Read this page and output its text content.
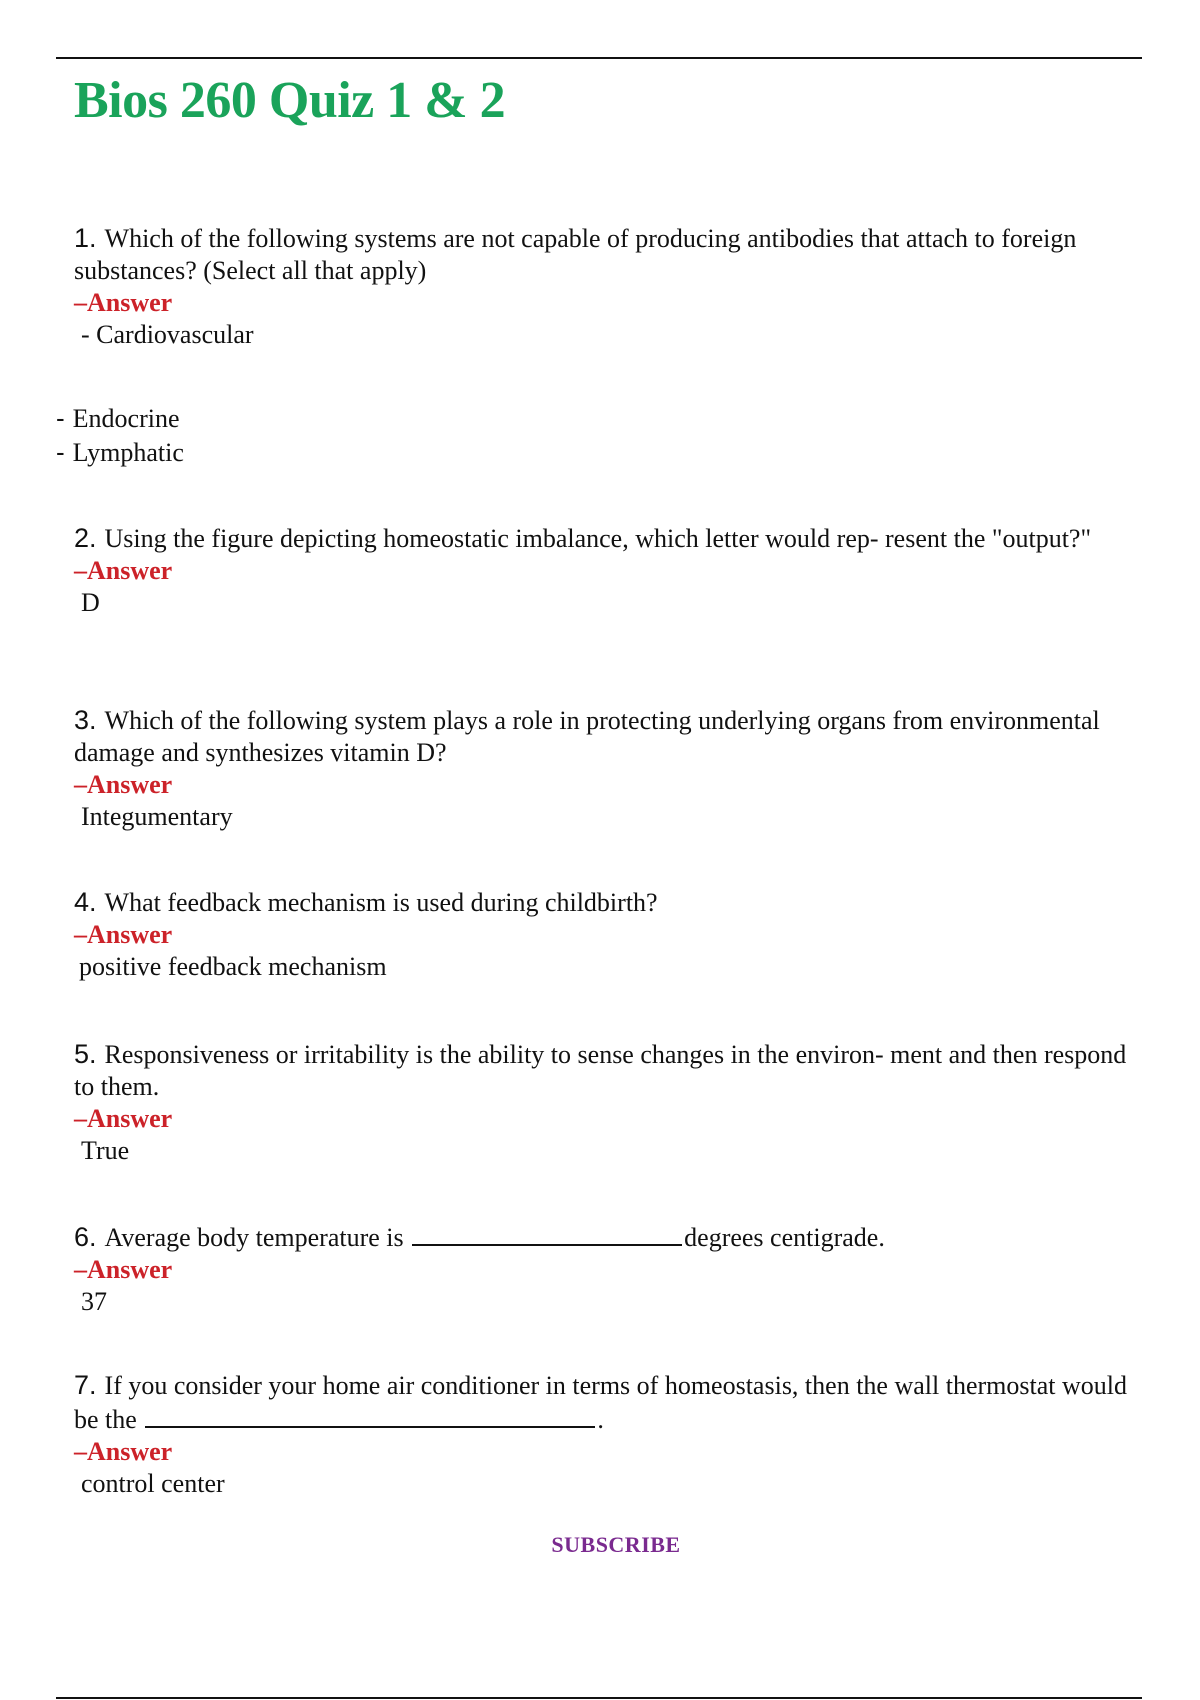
Bios 260 Quiz 1 & 2

1. Which of the following systems are not capable of producing antibodies that attach to foreign substances? (Select all that apply)

–Answer

- Cardiovascular

- Endocrine
- Lymphatic

2. Using the figure depicting homeostatic imbalance, which letter would rep- resent the "output?"

–Answer

D

3. Which of the following system plays a role in protecting underlying organs from environmental damage and synthesizes vitamin D?

–Answer

Integumentary

4. What feedback mechanism is used during childbirth?

–Answer

positive feedback mechanism

5. Responsiveness or irritability is the ability to sense changes in the environ- ment and then respond to them.

–Answer

True

6. Average body temperature is	degrees centigrade.

–Answer

37

7. If you consider your home air conditioner in terms of homeostasis, then the wall thermostat would be the	.

–Answer

control center

SUBSCRIBE
